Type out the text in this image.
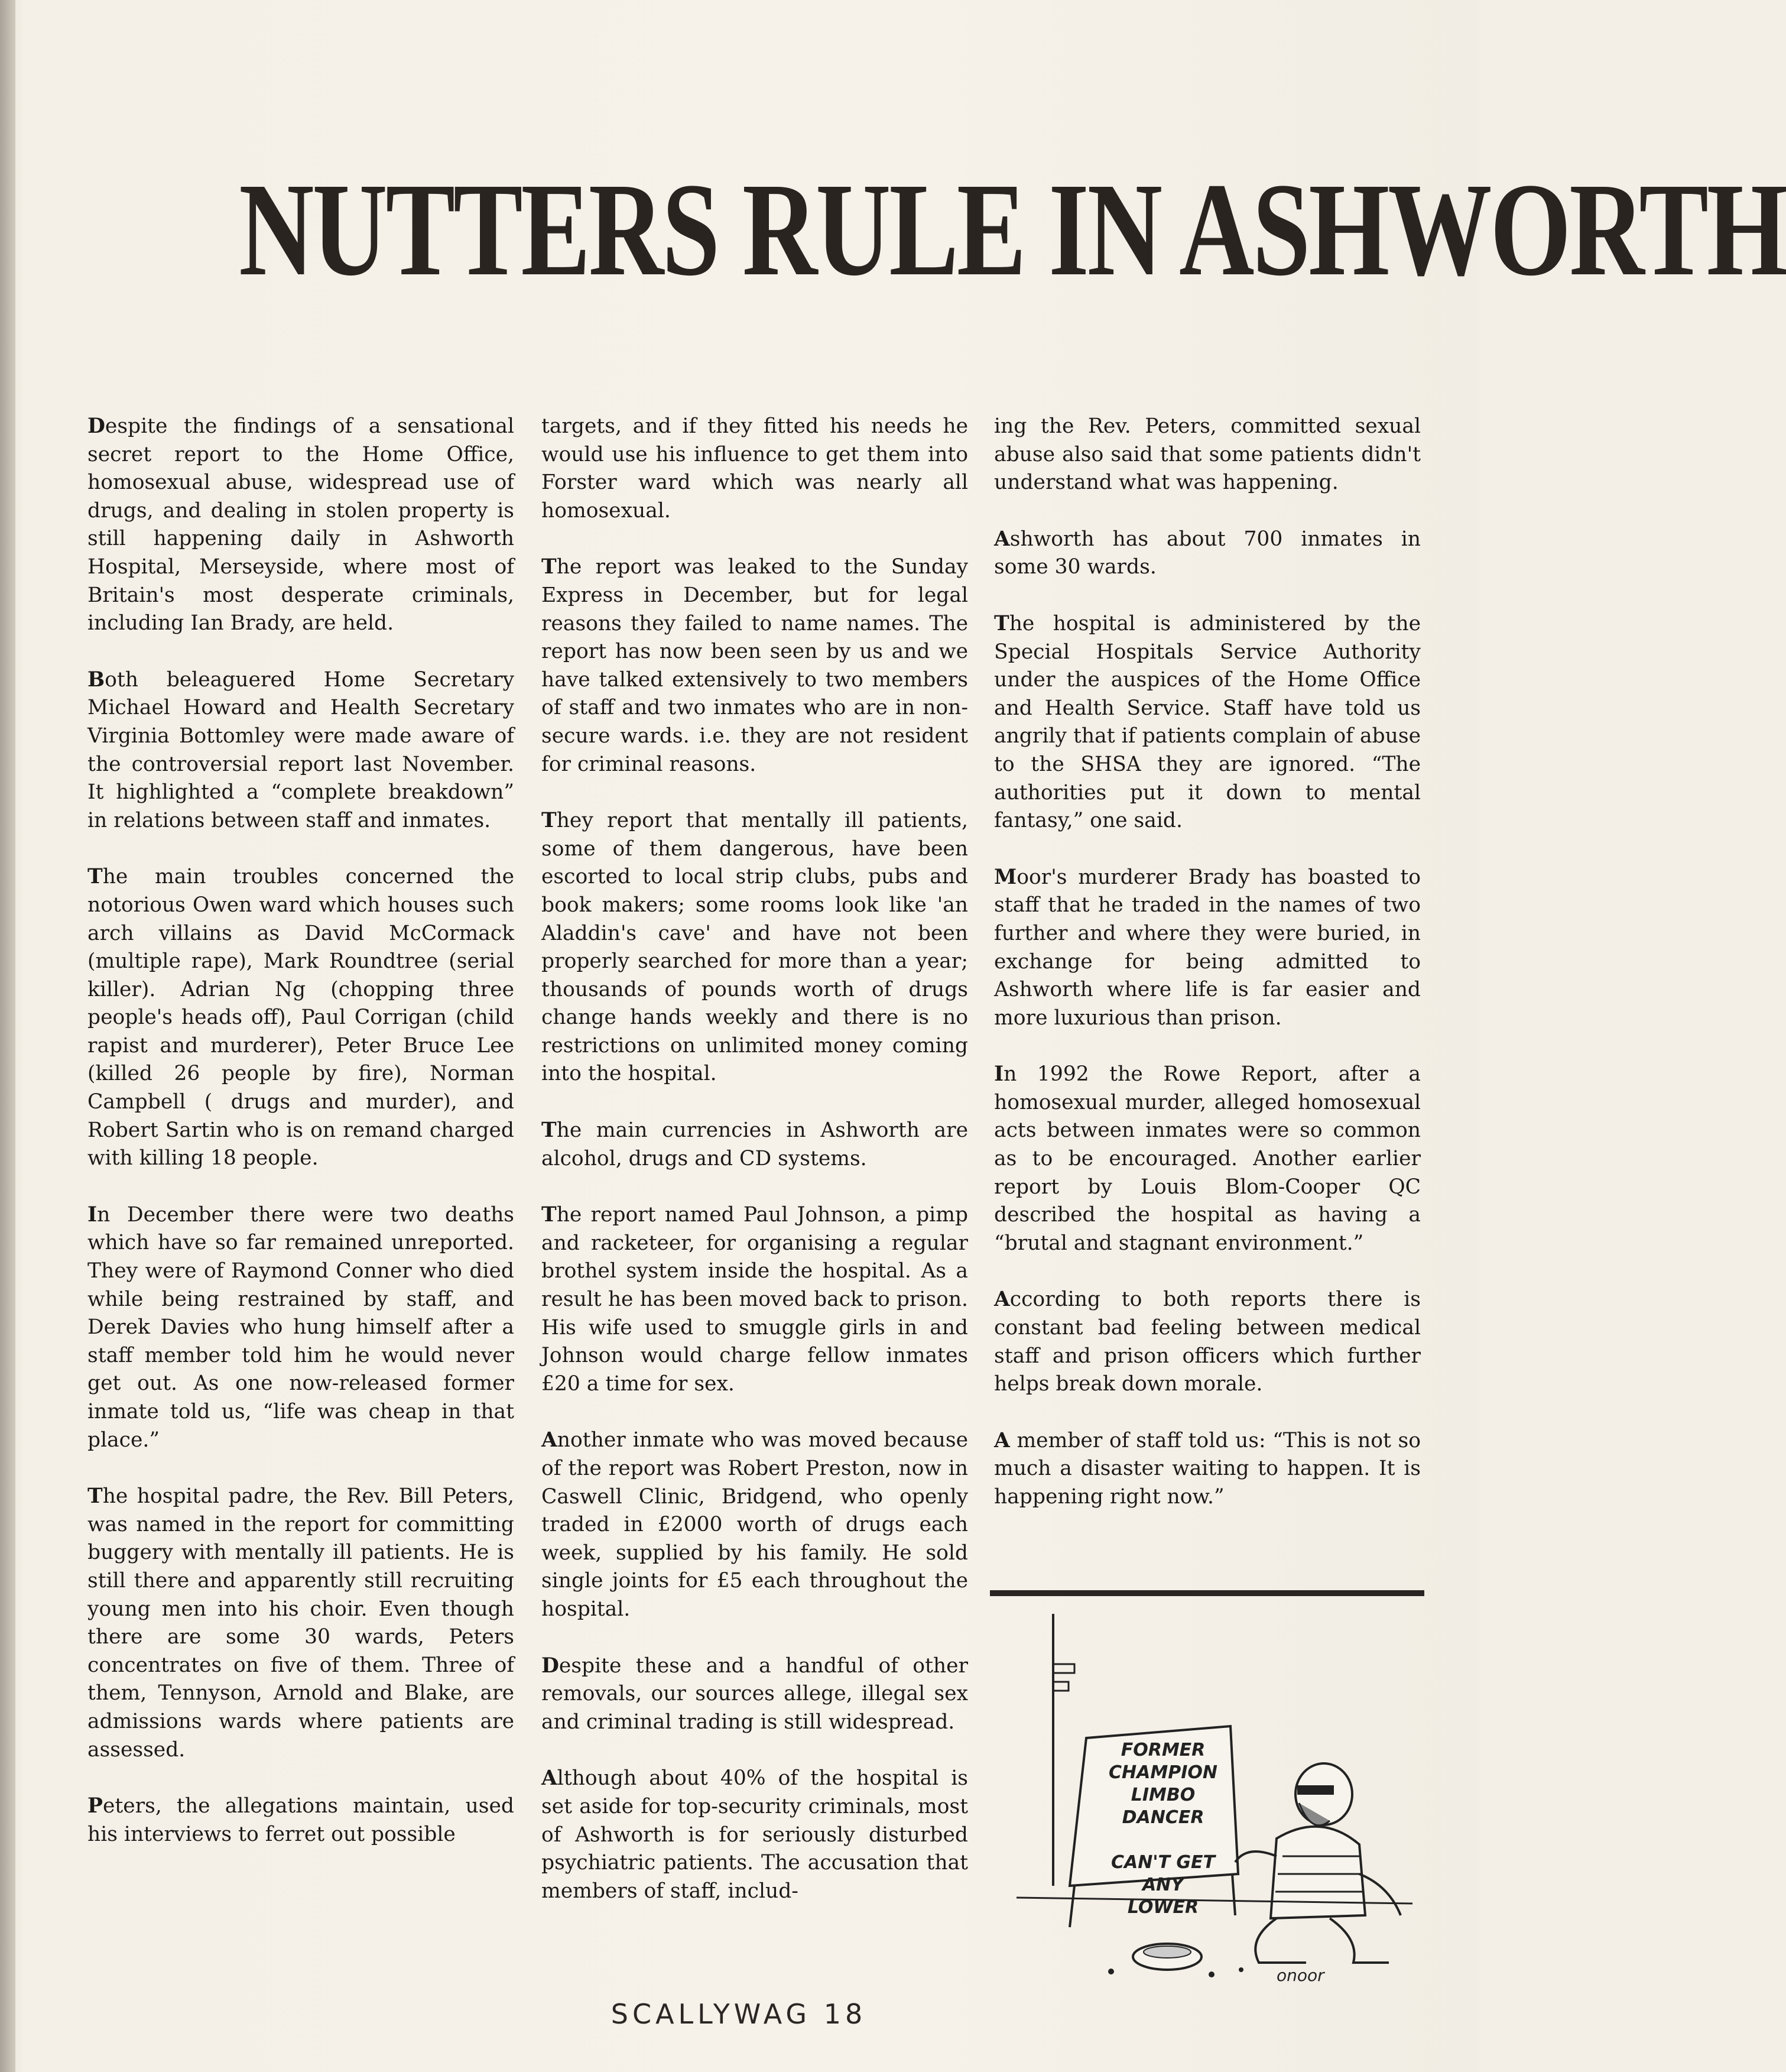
NUTTERS RULE IN ASHWORTH

Despite the findings of a sensational secret report to the Home Office, homosexual abuse, widespread use of drugs, and dealing in stolen property is still happening daily in Ashworth Hospital, Merseyside, where most of Britain's most desperate criminals, including Ian Brady, are held.

Both beleaguered Home Secretary Michael Howard and Health Secretary Virginia Bottomley were made aware of the controversial report last November. It highlighted a “complete breakdown” in relations between staff and inmates.

The main troubles concerned the notorious Owen ward which houses such arch villains as David McCormack (multiple rape), Mark Roundtree (serial killer). Adrian Ng (chopping three people's heads off), Paul Corrigan (child rapist and murderer), Peter Bruce Lee (killed 26 people by fire), Norman Campbell ( drugs and murder), and Robert Sartin who is on remand charged with killing 18 people.

In December there were two deaths which have so far remained unreported. They were of Raymond Conner who died while being restrained by staff, and Derek Davies who hung himself after a staff member told him he would never get out. As one now-released former inmate told us, “life was cheap in that place.”

The hospital padre, the Rev. Bill Peters, was named in the report for committing buggery with mentally ill patients. He is still there and apparently still recruiting young men into his choir. Even though there are some 30 wards, Peters concentrates on five of them. Three of them, Tennyson, Arnold and Blake, are admissions wards where patients are assessed.

Peters, the allegations maintain, used his interviews to ferret out possible

targets, and if they fitted his needs he would use his influence to get them into Forster ward which was nearly all homosexual.

The report was leaked to the Sunday Express in December, but for legal reasons they failed to name names. The report has now been seen by us and we have talked extensively to two members of staff and two inmates who are in non-secure wards. i.e. they are not resident for criminal reasons.

They report that mentally ill patients, some of them dangerous, have been escorted to local strip clubs, pubs and book makers; some rooms look like 'an Aladdin's cave' and have not been properly searched for more than a year; thousands of pounds worth of drugs change hands weekly and there is no restrictions on unlimited money coming into the hospital.

The main currencies in Ashworth are alcohol, drugs and CD systems.

The report named Paul Johnson, a pimp and racketeer, for organising a regular brothel system inside the hospital. As a result he has been moved back to prison. His wife used to smuggle girls in and Johnson would charge fellow inmates £20 a time for sex.

Another inmate who was moved because of the report was Robert Preston, now in Caswell Clinic, Bridgend, who openly traded in £2000 worth of drugs each week, supplied by his family. He sold single joints for £5 each throughout the hospital.

Despite these and a handful of other removals, our sources allege, illegal sex and criminal trading is still widespread.

Although about 40% of the hospital is set aside for top-security criminals, most of Ashworth is for seriously disturbed psychiatric patients. The accusation that members of staff, includ-

ing the Rev. Peters, committed sexual abuse also said that some patients didn't understand what was happening.

Ashworth has about 700 inmates in some 30 wards.

The hospital is administered by the Special Hospitals Service Authority under the auspices of the Home Office and Health Service. Staff have told us angrily that if patients complain of abuse to the SHSA they are ignored. “The authorities put it down to mental fantasy,” one said.

Moor's murderer Brady has boasted to staff that he traded in the names of two further and where they were buried, in exchange for being admitted to Ashworth where life is far easier and more luxurious than prison.

In 1992 the Rowe Report, after a homosexual murder, alleged homosexual acts between inmates were so common as to be encouraged. Another earlier report by Louis Blom-Cooper QC described the hospital as having a “brutal and stagnant environment.”

According to both reports there is constant bad feeling between medical staff and prison officers which further helps break down morale.

A member of staff told us: “This is not so much a disaster waiting to happen. It is happening right now.”

FORMER
CHAMPION
LIMBO
DANCER
CAN'T GET
ANY
LOWER
onoor
SCALLYWAG 18
